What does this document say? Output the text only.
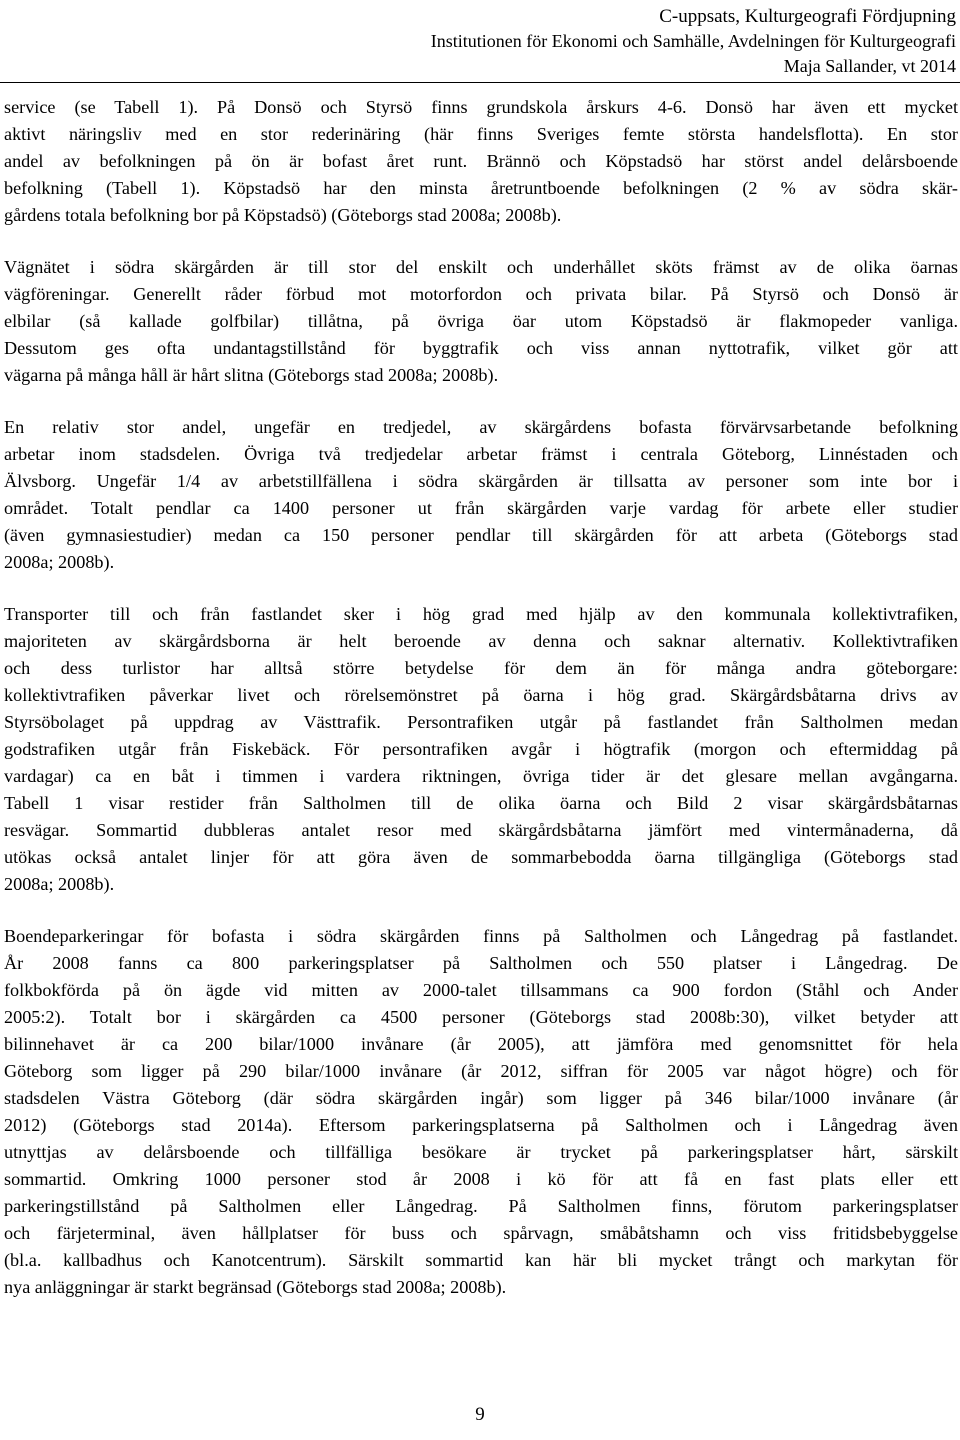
C-uppsats, Kulturgeografi Fördjupning
Institutionen för Ekonomi och Samhälle, Avdelningen för Kulturgeografi
Maja Sallander, vt 2014

service (se Tabell 1). På Donsö och Styrsö finns grundskola årskurs 4-6. Donsö har även ett mycket
aktivt näringsliv med en stor rederinäring (här finns Sveriges femte största handelsflotta). En stor
andel av befolkningen på ön är bofast året runt. Brännö och Köpstadsö har störst andel delårsboende
befolkning (Tabell 1). Köpstadsö har den minsta åretruntboende befolkningen (2 % av södra skär-
gårdens totala befolkning bor på Köpstadsö) (Göteborgs stad 2008a; 2008b).

Vägnätet i södra skärgården är till stor del enskilt och underhållet sköts främst av de olika öarnas
vägföreningar. Generellt råder förbud mot motorfordon och privata bilar. På Styrsö och Donsö är
elbilar (så kallade golfbilar) tillåtna, på övriga öar utom Köpstadsö är flakmopeder vanliga.
Dessutom ges ofta undantagstillstånd för byggtrafik och viss annan nyttotrafik, vilket gör att
vägarna på många håll är hårt slitna (Göteborgs stad 2008a; 2008b).

En relativ stor andel, ungefär en tredjedel, av skärgårdens bofasta förvärvsarbetande befolkning
arbetar inom stadsdelen. Övriga två tredjedelar arbetar främst i centrala Göteborg, Linnéstaden och
Älvsborg. Ungefär 1/4 av arbetstillfällena i södra skärgården är tillsatta av personer som inte bor i
området. Totalt pendlar ca 1400 personer ut från skärgården varje vardag för arbete eller studier
(även gymnasiestudier) medan ca 150 personer pendlar till skärgården för att arbeta (Göteborgs stad
2008a; 2008b).

Transporter till och från fastlandet sker i hög grad med hjälp av den kommunala kollektivtrafiken,
majoriteten av skärgårdsborna är helt beroende av denna och saknar alternativ. Kollektivtrafiken
och dess turlistor har alltså större betydelse för dem än för många andra göteborgare:
kollektivtrafiken påverkar livet och rörelsemönstret på öarna i hög grad. Skärgårdsbåtarna drivs av
Styrsöbolaget på uppdrag av Västtrafik. Persontrafiken utgår på fastlandet från Saltholmen medan
godstrafiken utgår från Fiskebäck. För persontrafiken avgår i högtrafik (morgon och eftermiddag på
vardagar) ca en båt i timmen i vardera riktningen, övriga tider är det glesare mellan avgångarna.
Tabell 1 visar restider från Saltholmen till de olika öarna och Bild 2 visar skärgårdsbåtarnas
resvägar. Sommartid dubbleras antalet resor med skärgårdsbåtarna jämfört med vintermånaderna, då
utökas också antalet linjer för att göra även de sommarbebodda öarna tillgängliga (Göteborgs stad
2008a; 2008b).

Boendeparkeringar för bofasta i södra skärgården finns på Saltholmen och Långedrag på fastlandet.
År 2008 fanns ca 800 parkeringsplatser på Saltholmen och 550 platser i Långedrag. De
folkbokförda på ön ägde vid mitten av 2000-talet tillsammans ca 900 fordon (Ståhl och Ander
2005:2). Totalt bor i skärgården ca 4500 personer (Göteborgs stad 2008b:30), vilket betyder att
bilinnehavet är ca 200 bilar/1000 invånare (år 2005), att jämföra med genomsnittet för hela
Göteborg som ligger på 290 bilar/1000 invånare (år 2012, siffran för 2005 var något högre) och för
stadsdelen Västra Göteborg (där södra skärgården ingår) som ligger på 346 bilar/1000 invånare (år
2012) (Göteborgs stad 2014a). Eftersom parkeringsplatserna på Saltholmen och i Långedrag även
utnyttjas av delårsboende och tillfälliga besökare är trycket på parkeringsplatser hårt, särskilt
sommartid. Omkring 1000 personer stod år 2008 i kö för att få en fast plats eller ett
parkeringstillstånd på Saltholmen eller Långedrag. På Saltholmen finns, förutom parkeringsplatser
och färjeterminal, även hållplatser för buss och spårvagn, småbåtshamn och viss fritidsbebyggelse
(bl.a. kallbadhus och Kanotcentrum). Särskilt sommartid kan här bli mycket trångt och markytan för
nya anläggningar är starkt begränsad (Göteborgs stad 2008a; 2008b).

9
